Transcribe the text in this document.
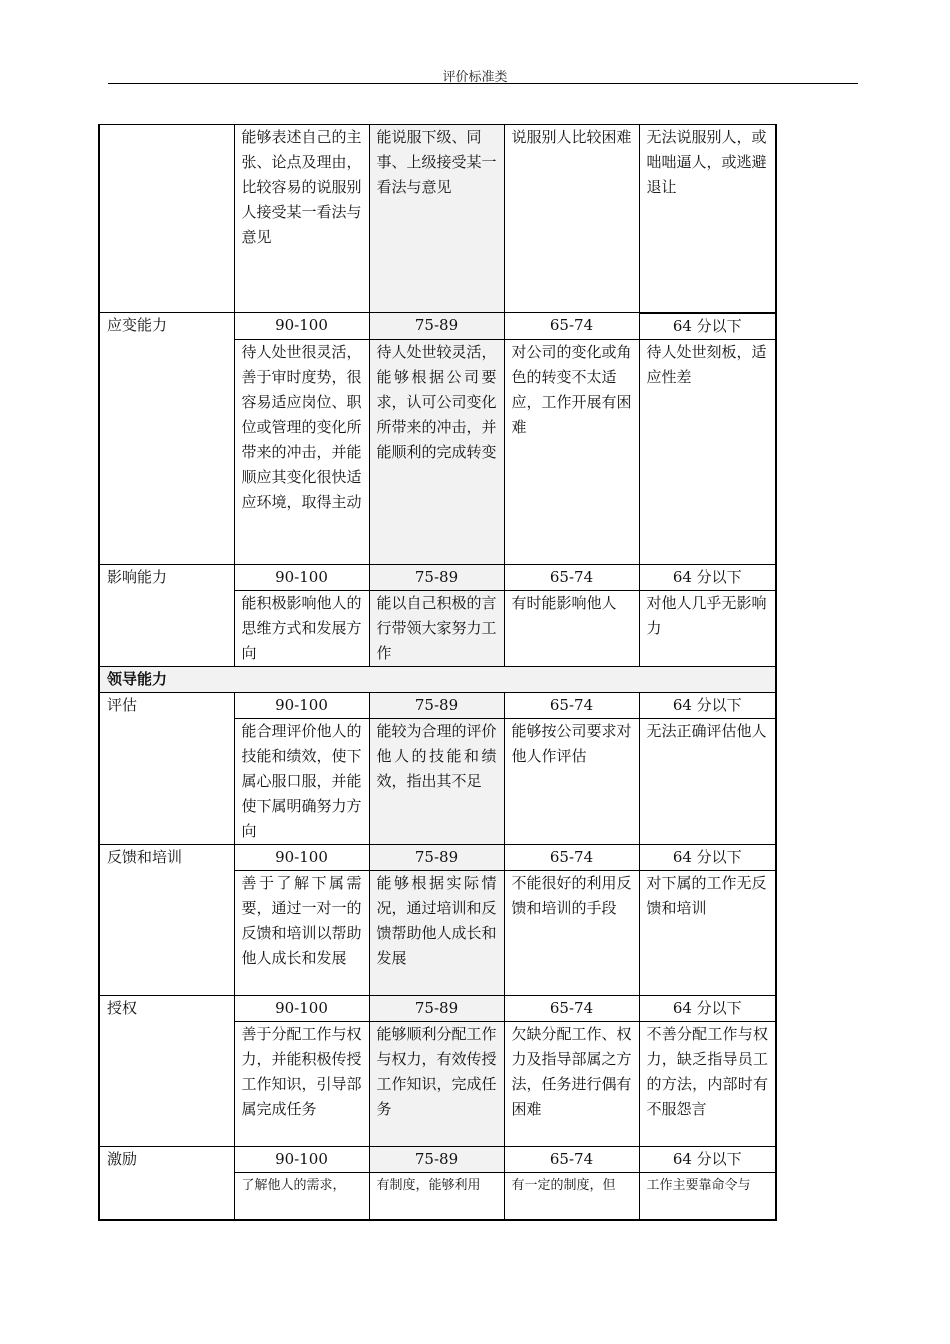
评价标准类
	能够表述自己的主张、论点及理由，比较容易的说服别人接受某一看法与意见	能说服下级、同事、上级接受某一看法与意见	说服别人比较困难	无法说服别人，或咄咄逼人，或逃避退让
应变能力	90-100	75-89	65-74	64 分以下
	待人处世很灵活，善于审时度势，很容易适应岗位、职位或管理的变化所带来的冲击，并能顺应其变化很快适应环境，取得主动	待人处世较灵活，能够根据公司要求，认可公司变化所带来的冲击，并能顺利的完成转变	对公司的变化或角色的转变不太适应，工作开展有困难	待人处世刻板，适应性差
影响能力	90-100	75-89	65-74	64 分以下
	能积极影响他人的思维方式和发展方向	能以自己积极的言行带领大家努力工作	有时能影响他人	对他人几乎无影响力
领导能力				
评估	90-100	75-89	65-74	64 分以下
	能合理评价他人的技能和绩效，使下属心服口服，并能使下属明确努力方向	能较为合理的评价他人的技能和绩效，指出其不足	能够按公司要求对他人作评估	无法正确评估他人
反馈和培训	90-100	75-89	65-74	64 分以下
	善于了解下属需要，通过一对一的反馈和培训以帮助他人成长和发展	能够根据实际情况，通过培训和反馈帮助他人成长和发展	不能很好的利用反馈和培训的手段	对下属的工作无反馈和培训
授权	90-100	75-89	65-74	64 分以下
	善于分配工作与权力，并能积极传授工作知识，引导部属完成任务	能够顺利分配工作与权力，有效传授工作知识，完成任务	欠缺分配工作、权力及指导部属之方法，任务进行偶有困难	不善分配工作与权力，缺乏指导员工的方法，内部时有不服怨言
激励	90-100	75-89	65-74	64 分以下
	了解他人的需求，	有制度，能够利用	有一定的制度，但	工作主要靠命令与
